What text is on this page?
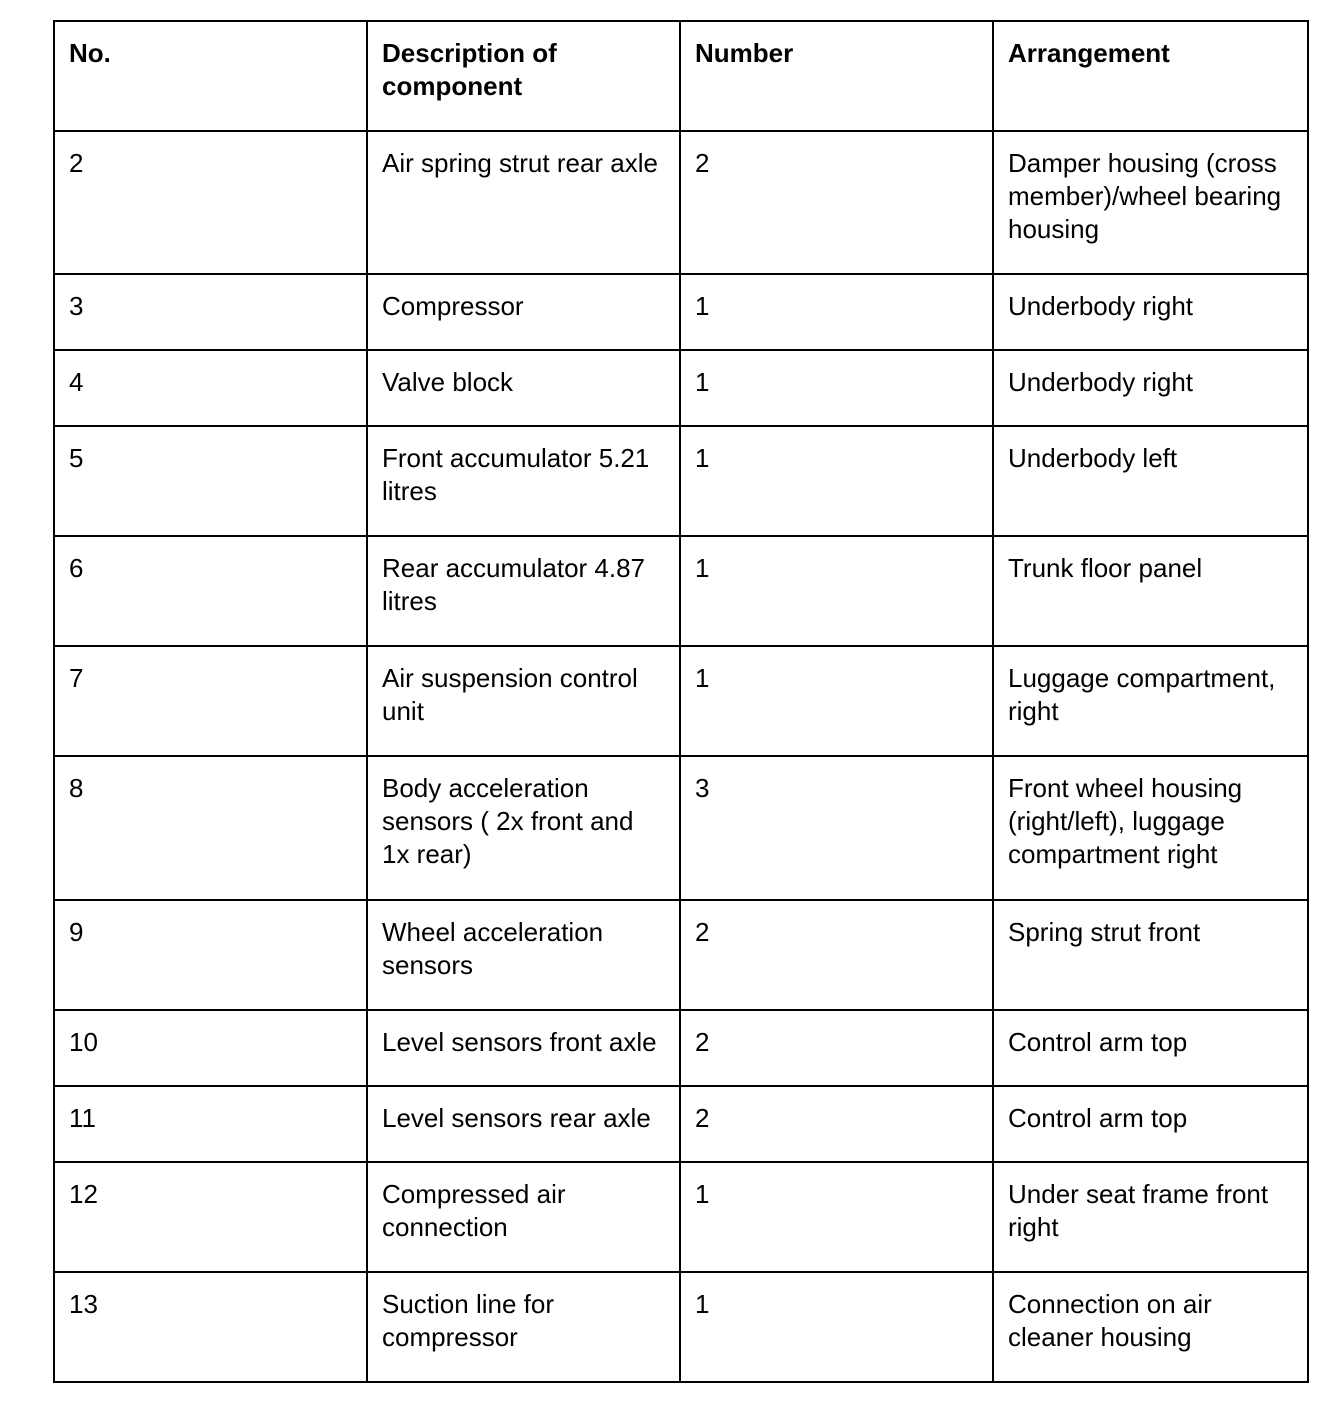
No.	Description of component	Number	Arrangement
2	Air spring strut rear axle	2	Damper housing (cross member)/wheel bearing housing
3	Compressor	1	Underbody right
4	Valve block	1	Underbody right
5	Front accumulator 5.21 litres	1	Underbody left
6	Rear accumulator 4.87 litres	1	Trunk floor panel
7	Air suspension control unit	1	Luggage compartment, right
8	Body acceleration sensors ( 2x front and 1x rear)	3	Front wheel housing (right/left), luggage compartment right
9	Wheel acceleration sensors	2	Spring strut front
10	Level sensors front axle	2	Control arm top
11	Level sensors rear axle	2	Control arm top
12	Compressed air connection	1	Under seat frame front right
13	Suction line for compressor	1	Connection on air cleaner housing
